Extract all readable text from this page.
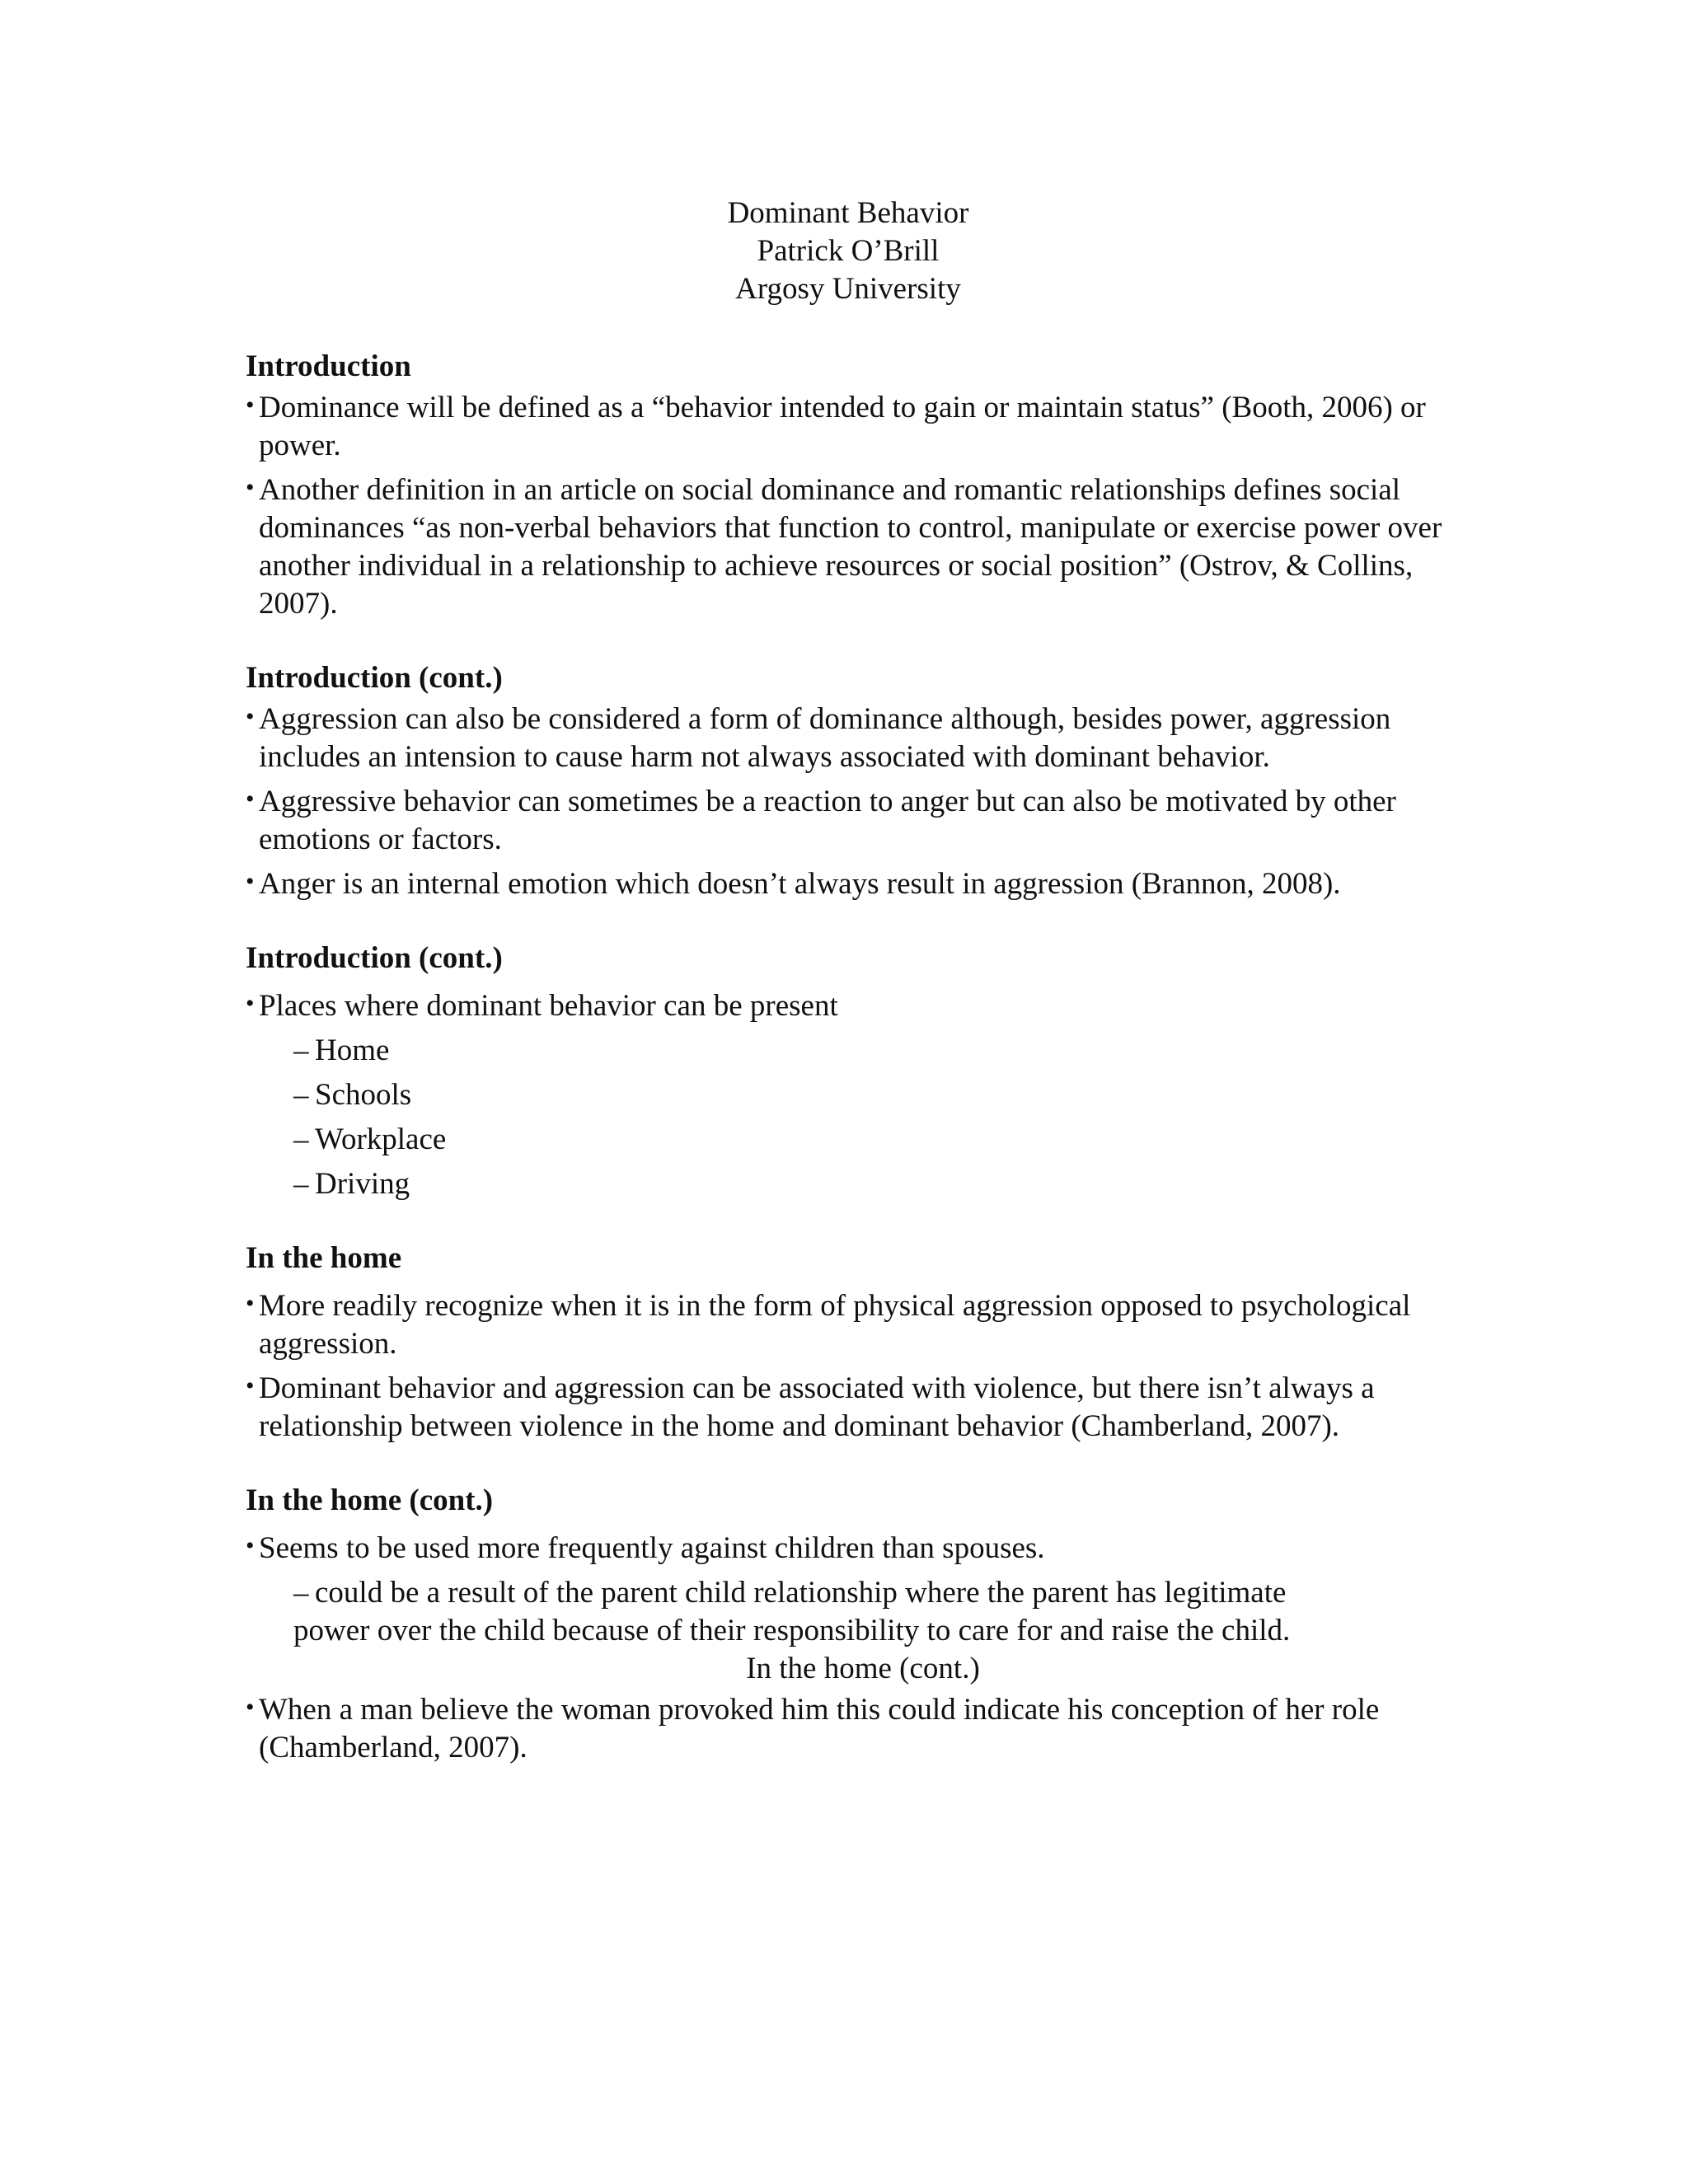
Dominant Behavior
Patrick O’Brill
Argosy University
Introduction
• Dominance will be defined as a “behavior intended to gain or maintain status” (Booth, 2006) or power.
• Another definition in an article on social dominance and romantic relationships defines social dominances “as non-verbal behaviors that function to control, manipulate or exercise power over another individual in a relationship to achieve resources or social position” (Ostrov, & Collins, 2007).
Introduction (cont.)
• Aggression can also be considered a form of dominance although, besides power, aggression includes an intension to cause harm not always associated with dominant behavior.
• Aggressive behavior can sometimes be a reaction to anger but can also be motivated by other emotions or factors.
• Anger is an internal emotion which doesn’t always result in aggression (Brannon, 2008).
Introduction (cont.)
• Places where dominant behavior can be present
– Home
– Schools
– Workplace
– Driving
In the home
• More readily recognize when it is in the form of physical aggression opposed to psychological aggression.
• Dominant behavior and aggression can be associated with violence, but there isn’t always a relationship between violence in the home and dominant behavior (Chamberland, 2007).
In the home (cont.)
• Seems to be used more frequently against children than spouses.
– could be a result of the parent child relationship where the parent has legitimate
power over the child because of their responsibility to care for and raise the child.
In the home (cont.)
• When a man believe the woman provoked him this could indicate his conception of her role (Chamberland, 2007).
